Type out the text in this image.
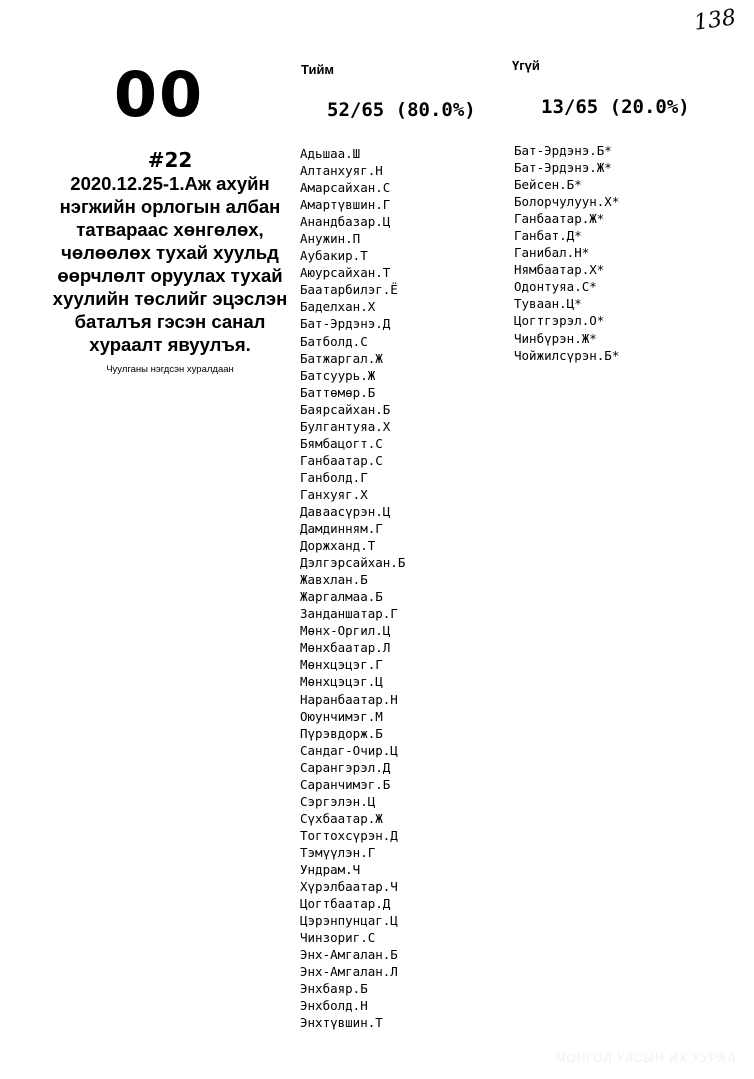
138
00
#22
2020.12.25-1.Аж ахуйн нэгжийн орлогын албан татвараас хөнгөлөх, чөлөөлөх тухай хуульд өөрчлөлт оруулах тухай хуулийн төслийг эцэслэн баталъя гэсэн санал хураалт явуулъя.
Чуулганы нэгдсэн хуралдаан
Тийм
52/65 (80.0%)
Үгүй
13/65 (20.0%)
Адьшаа.Ш
Алтанхуяг.Н
Амарсайхан.С
Амартүвшин.Г
Анандбазар.Ц
Анужин.П
Аубакир.Т
Аюурсайхан.Т
Баатарбилэг.Ё
Баделхан.Х
Бат-Эрдэнэ.Д
Батболд.С
Батжаргал.Ж
Батсуурь.Ж
Баттөмөр.Б
Баярсайхан.Б
Булгантуяа.Х
Бямбацогт.С
Ганбаатар.С
Ганболд.Г
Ганхуяг.Х
Даваасүрэн.Ц
Дамдинням.Г
Доржханд.Т
Дэлгэрсайхан.Б
Жавхлан.Б
Жаргалмаа.Б
Занданшатар.Г
Мөнх-Оргил.Ц
Мөнхбаатар.Л
Мөнхцэцэг.Г
Мөнхцэцэг.Ц
Наранбаатар.Н
Оюунчимэг.М
Пүрэвдорж.Б
Сандаг-Очир.Ц
Сарангэрэл.Д
Саранчимэг.Б
Сэргэлэн.Ц
Сүхбаатар.Ж
Тогтохсүрэн.Д
Тэмүүлэн.Г
Ундрам.Ч
Хүрэлбаатар.Ч
Цогтбаатар.Д
Цэрэнпунцаг.Ц
Чинзориг.С
Энх-Амгалан.Б
Энх-Амгалан.Л
Энхбаяр.Б
Энхболд.Н
Энхтүвшин.Т
Бат-Эрдэнэ.Б*
Бат-Эрдэнэ.Ж*
Бейсен.Б*
Болорчулуун.Х*
Ганбаатар.Ж*
Ганбат.Д*
Ганибал.Н*
Нямбаатар.Х*
Одонтуяа.С*
Туваан.Ц*
Цогтгэрэл.О*
Чинбүрэн.Ж*
Чойжилсүрэн.Б*
МОНГОЛ УЛСЫН ИХ ХУРАЛ
